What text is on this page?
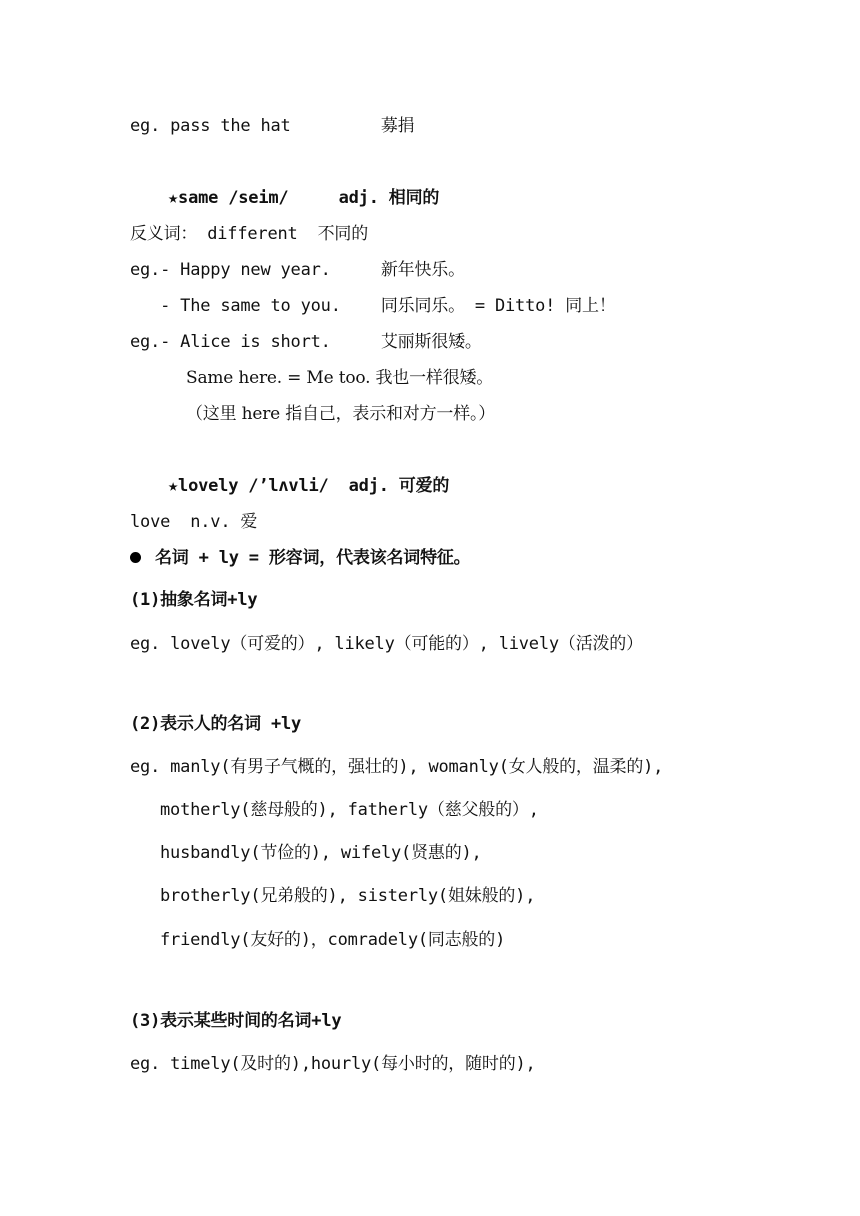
eg. pass the hat         募捐
★same /seim/     adj. 相同的
反义词： different  不同的
eg.- Happy new year.     新年快乐。
- The same to you.    同乐同乐。 = Ditto! 同上！
eg.- Alice is short.     艾丽斯很矮。
Same here. = Me too. 我也一样很矮。
（这里 here 指自己，表示和对方一样。）
★lovely /’lʌvli/  adj. 可爱的
love  n.v. 爱
名词 + ly = 形容词，代表该名词特征。
(1)抽象名词+ly
eg. lovely（可爱的）, likely（可能的）, lively（活泼的）
(2)表示人的名词 +ly
eg. manly(有男子气概的，强壮的), womanly(女人般的，温柔的),
motherly(慈母般的), fatherly（慈父般的）,
husbandly(节俭的), wifely(贤惠的),
brotherly(兄弟般的), sisterly(姐妹般的),
friendly(友好的)，comradely(同志般的)
(3)表示某些时间的名词+ly
eg. timely(及时的),hourly(每小时的，随时的),
